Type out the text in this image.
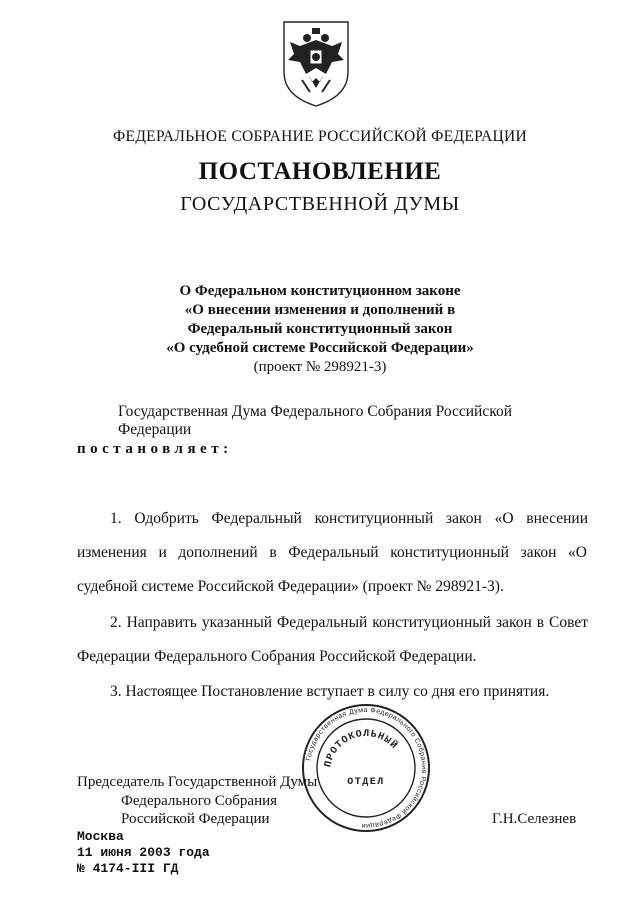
ФЕДЕРАЛЬНОЕ СОБРАНИЕ РОССИЙСКОЙ ФЕДЕРАЦИИ
ПОСТАНОВЛЕНИЕ
ГОСУДАРСТВЕННОЙ ДУМЫ
О Федеральном конституционном законе
«О внесении изменения и дополнений в
Федеральный конституционный закон
«О судебной системе Российской Федерации»
(проект № 298921-3)
Государственная Дума Федерального Собрания Российской Федерации
постановляет:
1. Одобрить Федеральный конституционный закон «О внесении
изменения и дополнений в Федеральный конституционный закон «О
судебной системе Российской Федерации» (проект № 298921-3).
2. Направить указанный Федеральный конституционный закон в Совет
Федерации Федерального Собрания Российской Федерации.
3. Настоящее Постановление вступает в силу со дня его принятия.
Государственная Дума Федерального Собрания Российской Федерации
ПРОТОКОЛЬНЫЙ
ОТДЕЛ
Председатель Государственной Думы
Федерального Собрания
Российской Федерации	Г.Н.Селезнев
Москва
11 июня 2003 года
№ 4174-III ГД
